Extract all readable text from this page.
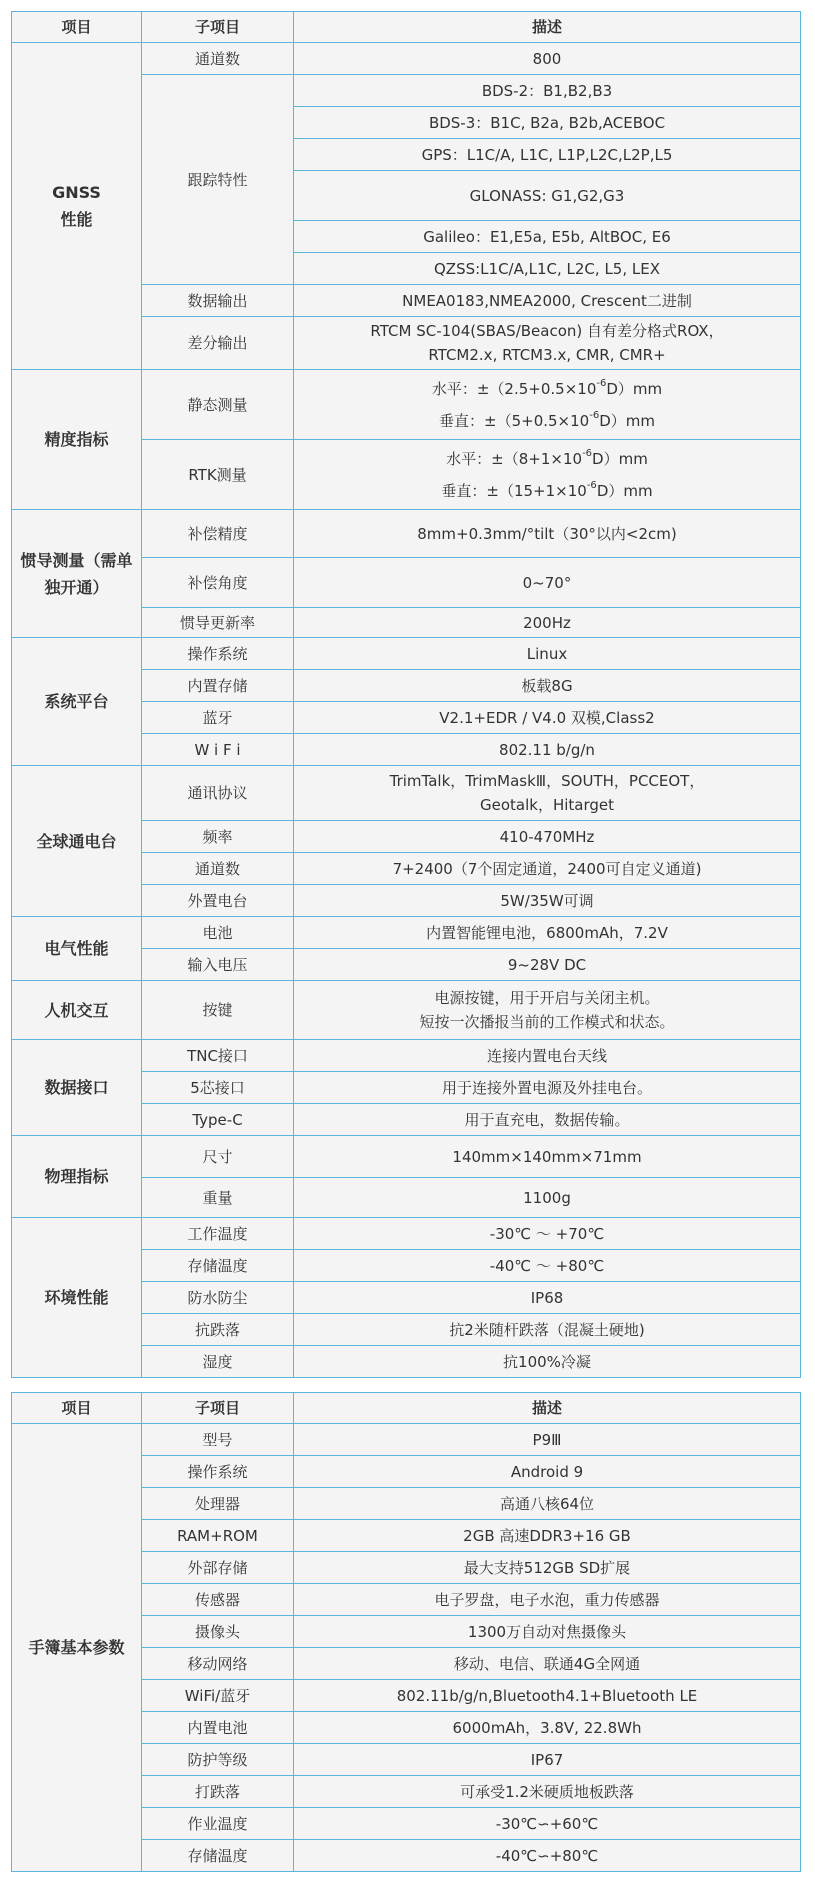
项目	子项目	描述

GNSS
性能	通道数	800
	跟踪特性	BDS-2：B1,B2,B3
		BDS-3：B1C, B2a, B2b,ACEBOC
		GPS：L1C/A, L1C, L1P,L2C,L2P,L5
		GLONASS: G1,G2,G3
		Galileo：E1,E5a, E5b, AltBOC, E6
		QZSS:L1C/A,L1C, L2C, L5, LEX
	数据输出	NMEA0183,NMEA2000, Crescent二进制
	差分输出	RTCM SC-104(SBAS/Beacon) 自有差分格式ROX，
RTCM2.x, RTCM3.x, CMR, CMR+

精度指标	静态测量	水平：$\pm(2.5+0.5\times 10^{-6}D)mm$
垂直：$\pm(5+0.5\times 10^{-6}D)mm$

	RTK测量	水平：$\pm(8+1\times 10^{-6}D)mm$
垂直：$\pm(15+1\times 10^{-6}D)mm$

惯导测量（需单
独开通）	补偿精度	8mm+0.3mm/°tilt（30°以内<2cm)
	补偿角度	0~70°
	惯导更新率	200Hz
系统平台	操作系统	Linux
	内置存储	板载8G
	蓝牙	V2.1+EDR / V4.0 双模,Class2
	W i F i	802.11 b/g/n
全球通电台	通讯协议	TrimTalk，TrimMaskⅢ，SOUTH，PCCEOT，
Geotalk，Hitarget

	频率	410-470MHz
	通道数	7+2400（7个固定通道，2400可自定义通道)
	外置电台	5W/35W可调
电气性能	电池	内置智能锂电池，6800mAh，7.2V
	输入电压	9~28V DC
人机交互	按键	电源按键，用于开启与关闭主机。
短按一次播报当前的工作模式和状态。

数据接口	TNC接口	连接内置电台天线
	5芯接口	用于连接外置电源及外挂电台。
	Type-C	用于直充电，数据传输。
物理指标	尺寸	140mm×140mm×71mm
	重量	1100g
环境性能	工作温度	-30℃ ～ +70℃
	存储温度	-40℃ ～ +80℃
	防水防尘	IP68
	抗跌落	抗2米随杆跌落（混凝土硬地)
	湿度	抗100%冷凝
项目	子项目	描述
手簿基本参数	型号	P9Ⅲ
	操作系统	Android 9
	处理器	高通八核64位
	RAM+ROM	2GB 高速DDR3+16 GB
	外部存储	最大支持512GB SD扩展
	传感器	电子罗盘，电子水泡，重力传感器
	摄像头	1300万自动对焦摄像头
	移动网络	移动、电信、联通4G全网通
	WiFi/蓝牙	802.11b/g/n,Bluetooth4.1+Bluetooth LE
	内置电池	6000mAh，3.8V, 22.8Wh
	防护等级	IP67
	打跌落	可承受1.2米硬质地板跌落
	作业温度	-30℃∽+60℃
	存储温度	-40℃∽+80℃
